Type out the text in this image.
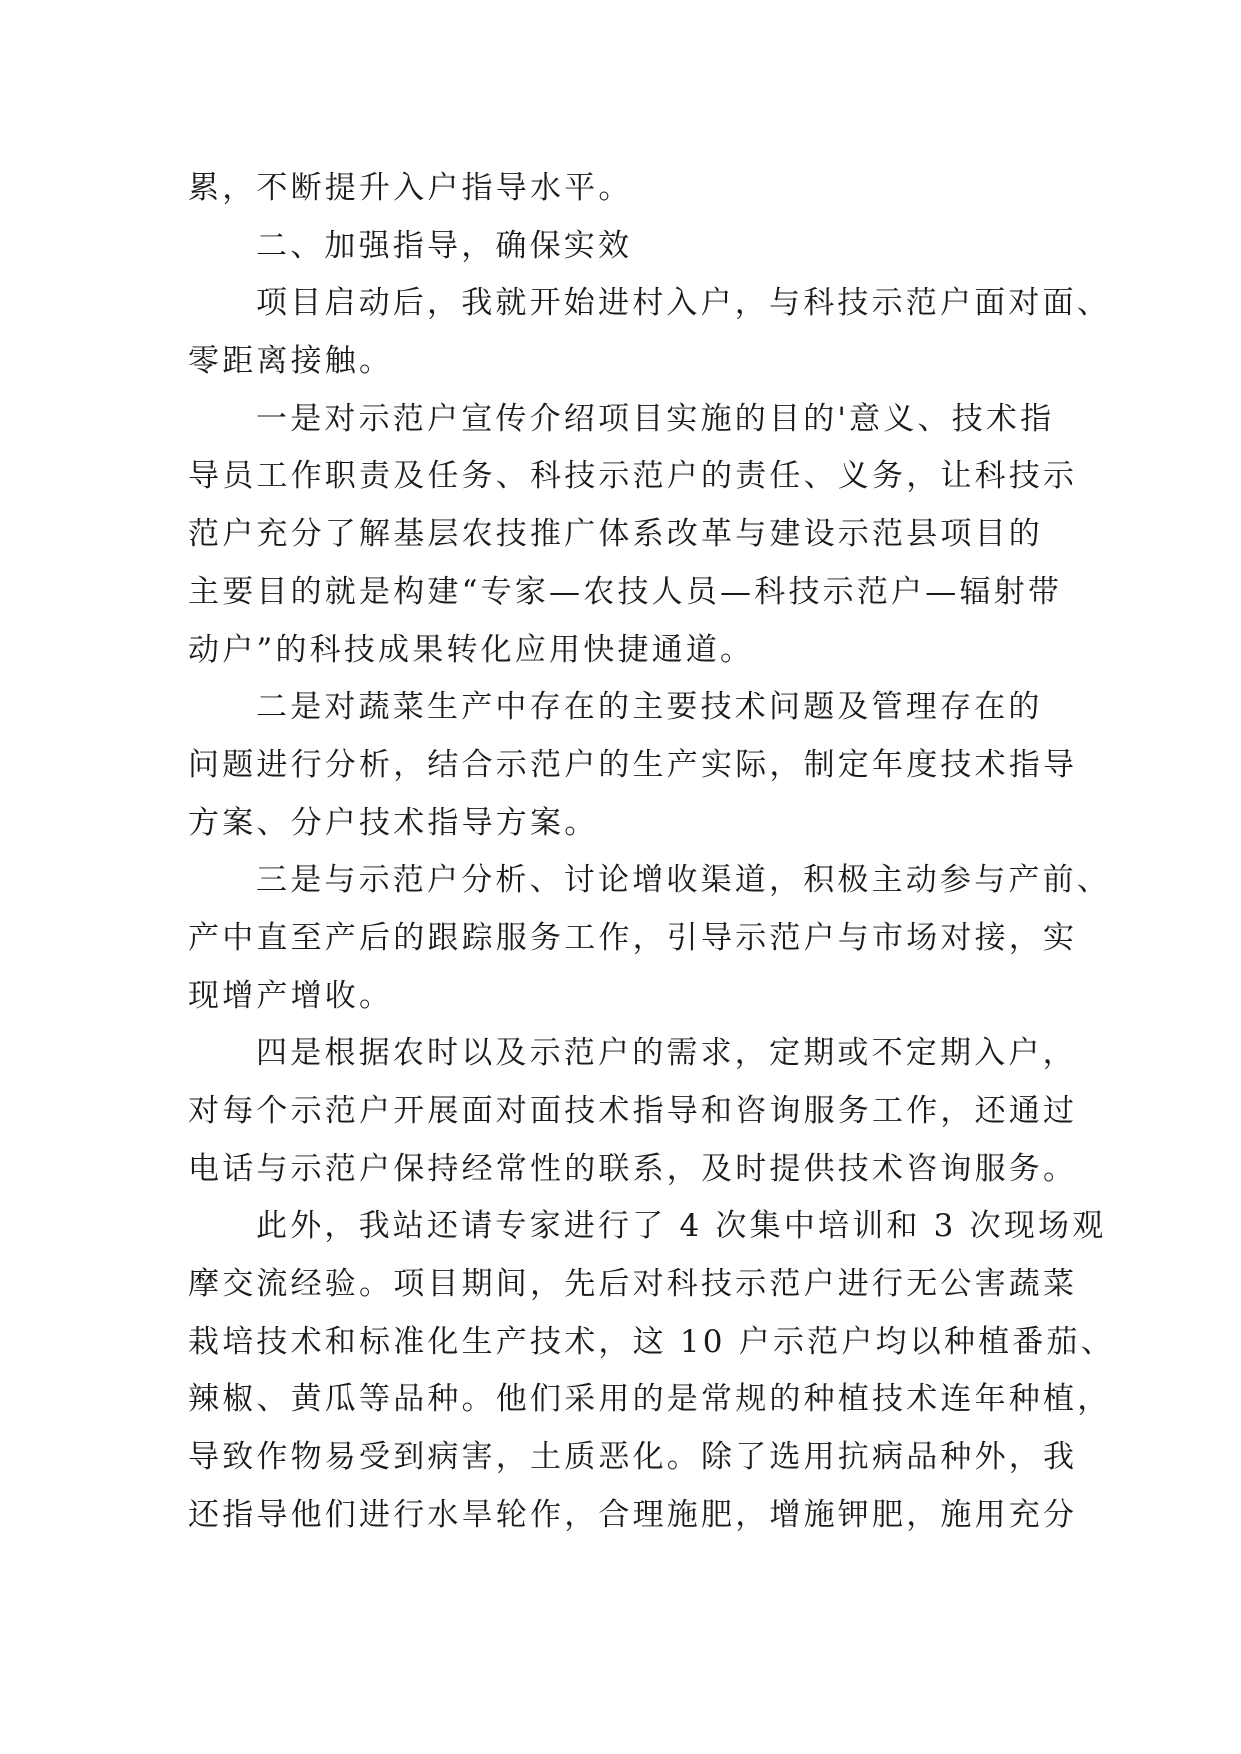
累，不断提升入户指导水平。
二、加强指导，确保实效
项目启动后，我就开始进村入户，与科技示范户面对面、
零距离接触。
一是对示范户宣传介绍项目实施的目的'意义、技术指
导员工作职责及任务、科技示范户的责任、义务，让科技示
范户充分了解基层农技推广体系改革与建设示范县项目的
主要目的就是构建“专家—农技人员—科技示范户—辐射带
动户”的科技成果转化应用快捷通道。
二是对蔬菜生产中存在的主要技术问题及管理存在的
问题进行分析，结合示范户的生产实际，制定年度技术指导
方案、分户技术指导方案。
三是与示范户分析、讨论增收渠道，积极主动参与产前、
产中直至产后的跟踪服务工作，引导示范户与市场对接，实
现增产增收。
四是根据农时以及示范户的需求，定期或不定期入户，
对每个示范户开展面对面技术指导和咨询服务工作，还通过
电话与示范户保持经常性的联系，及时提供技术咨询服务。
此外，我站还请专家进行了 4 次集中培训和 3 次现场观
摩交流经验。项目期间，先后对科技示范户进行无公害蔬菜
栽培技术和标准化生产技术，这 10 户示范户均以种植番茄、
辣椒、黄瓜等品种。他们采用的是常规的种植技术连年种植，
导致作物易受到病害，土质恶化。除了选用抗病品种外，我
还指导他们进行水旱轮作，合理施肥，增施钾肥，施用充分
